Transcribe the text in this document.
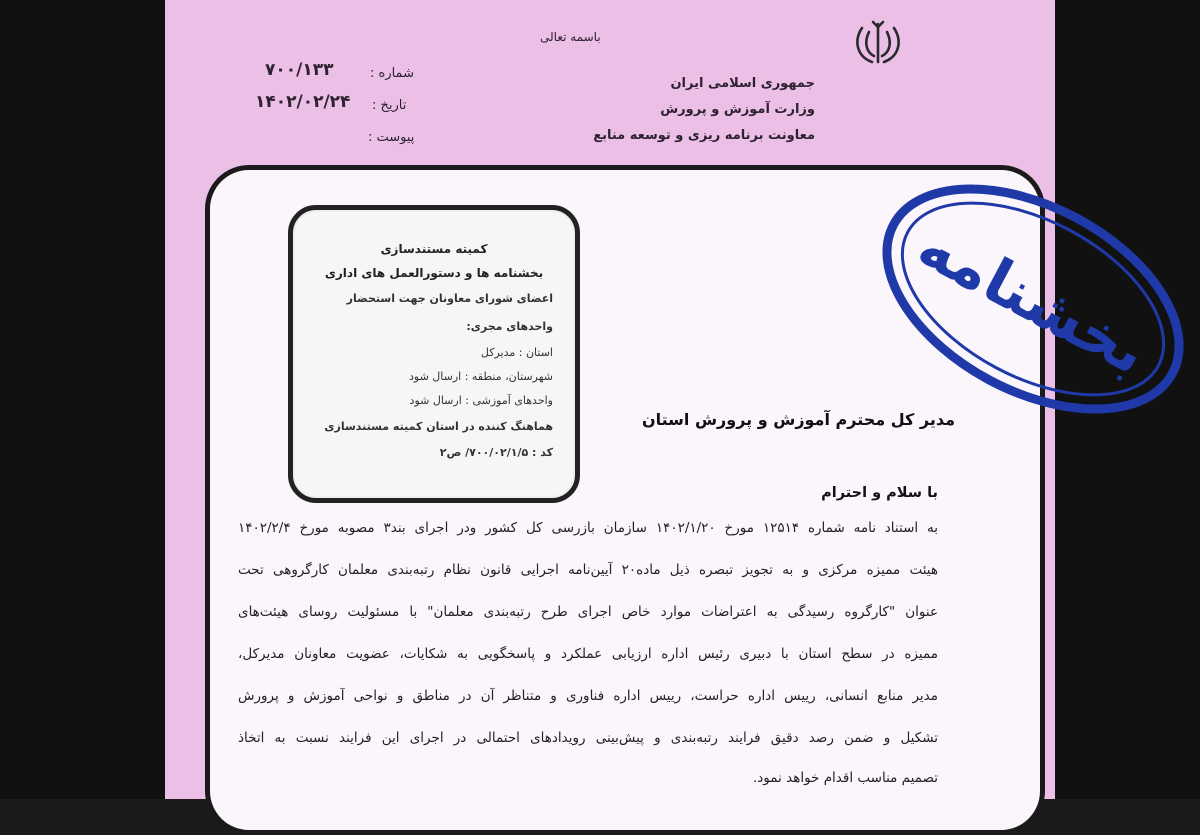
باسمه تعالی
جمهوری اسلامی ایران
وزارت آموزش و پرورش
معاونت برنامه ریزی و توسعه منابع
شماره :
۷۰۰/۱۳۳
تاریخ :
۱۴۰۲/۰۲/۲۴
پیوست :
کمیته مستندسازی
بخشنامه ها و دستورالعمل های اداری
اعضای شورای معاونان جهت استحضار
واحدهای مجری:
استان : مدیرکل
شهرستان، منطقه : ارسال شود
واحدهای آموزشی : ارسال شود
هماهنگ کننده در استان کمیته مستندسازی
کد : ۷۰۰/۰۲/۱/۵/ ص۲
بخشنامه
مدیر کل محترم آموزش و پرورش استان
با سلام و احترام
به استناد نامه شماره ۱۲۵۱۴ مورخ ۱۴۰۲/۱/۲۰ سازمان بازرسی کل کشور ودر اجرای بند۳ مصوبه مورخ ۱۴۰۲/۲/۴
هیئت ممیزه مرکزی و به تجویز تبصره ذیل ماده۲۰ آیین‌نامه اجرایی قانون نظام رتبه‌بندی معلمان کارگروهی تحت
عنوان "کارگروه رسیدگی به اعتراضات موارد خاص اجرای طرح رتبه‌بندی معلمان" با مسئولیت روسای هیئت‌های
ممیزه در سطح استان با دبیری رئیس اداره ارزیابی عملکرد و پاسخگویی به شکایات، عضویت معاونان مدیرکل،
مدیر منابع انسانی، رییس اداره حراست، رییس اداره فناوری و متناظر آن در مناطق و نواحی آموزش و پرورش
تشکیل و ضمن رصد دقیق فرایند رتبه‌بندی و پیش‌بینی رویدادهای احتمالی در اجرای این فرایند نسبت به اتخاذ
تصمیم مناسب اقدام خواهد نمود.
